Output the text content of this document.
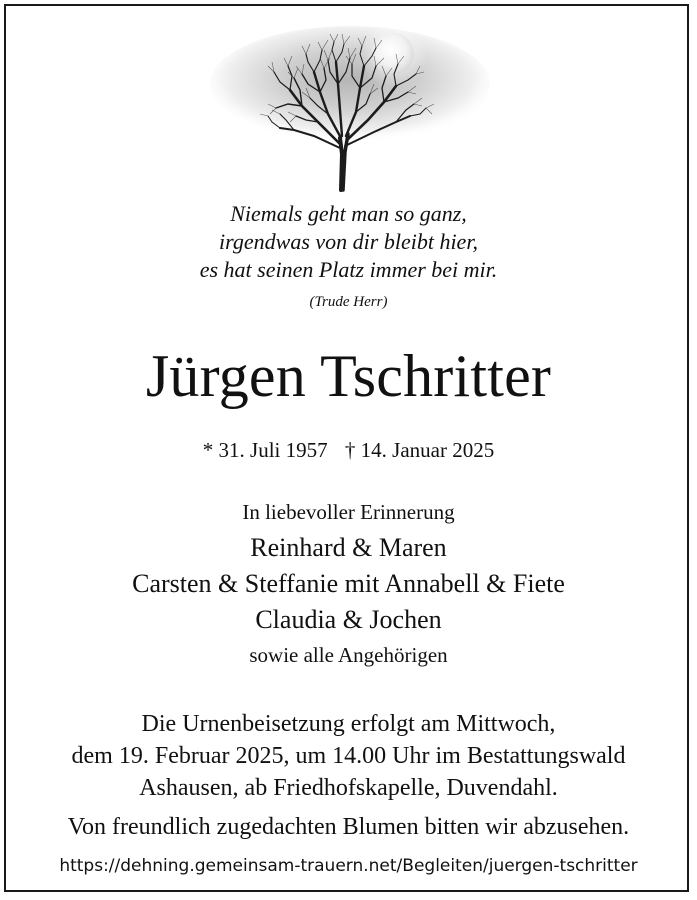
Niemals geht man so ganz,
irgendwas von dir bleibt hier,
es hat seinen Platz immer bei mir.
(Trude Herr)
Jürgen Tschritter
* 31. Juli 1957 † 14. Januar 2025
In liebevoller Erinnerung
Reinhard & Maren
Carsten & Steffanie mit Annabell & Fiete
Claudia & Jochen
sowie alle Angehörigen
Die Urnenbeisetzung erfolgt am Mittwoch,
dem 19. Februar 2025, um 14.00 Uhr im Bestattungswald
Ashausen, ab Friedhofskapelle, Duvendahl.
Von freundlich zugedachten Blumen bitten wir abzusehen.
https://dehning.gemeinsam-trauern.net/Begleiten/juergen-tschritter
